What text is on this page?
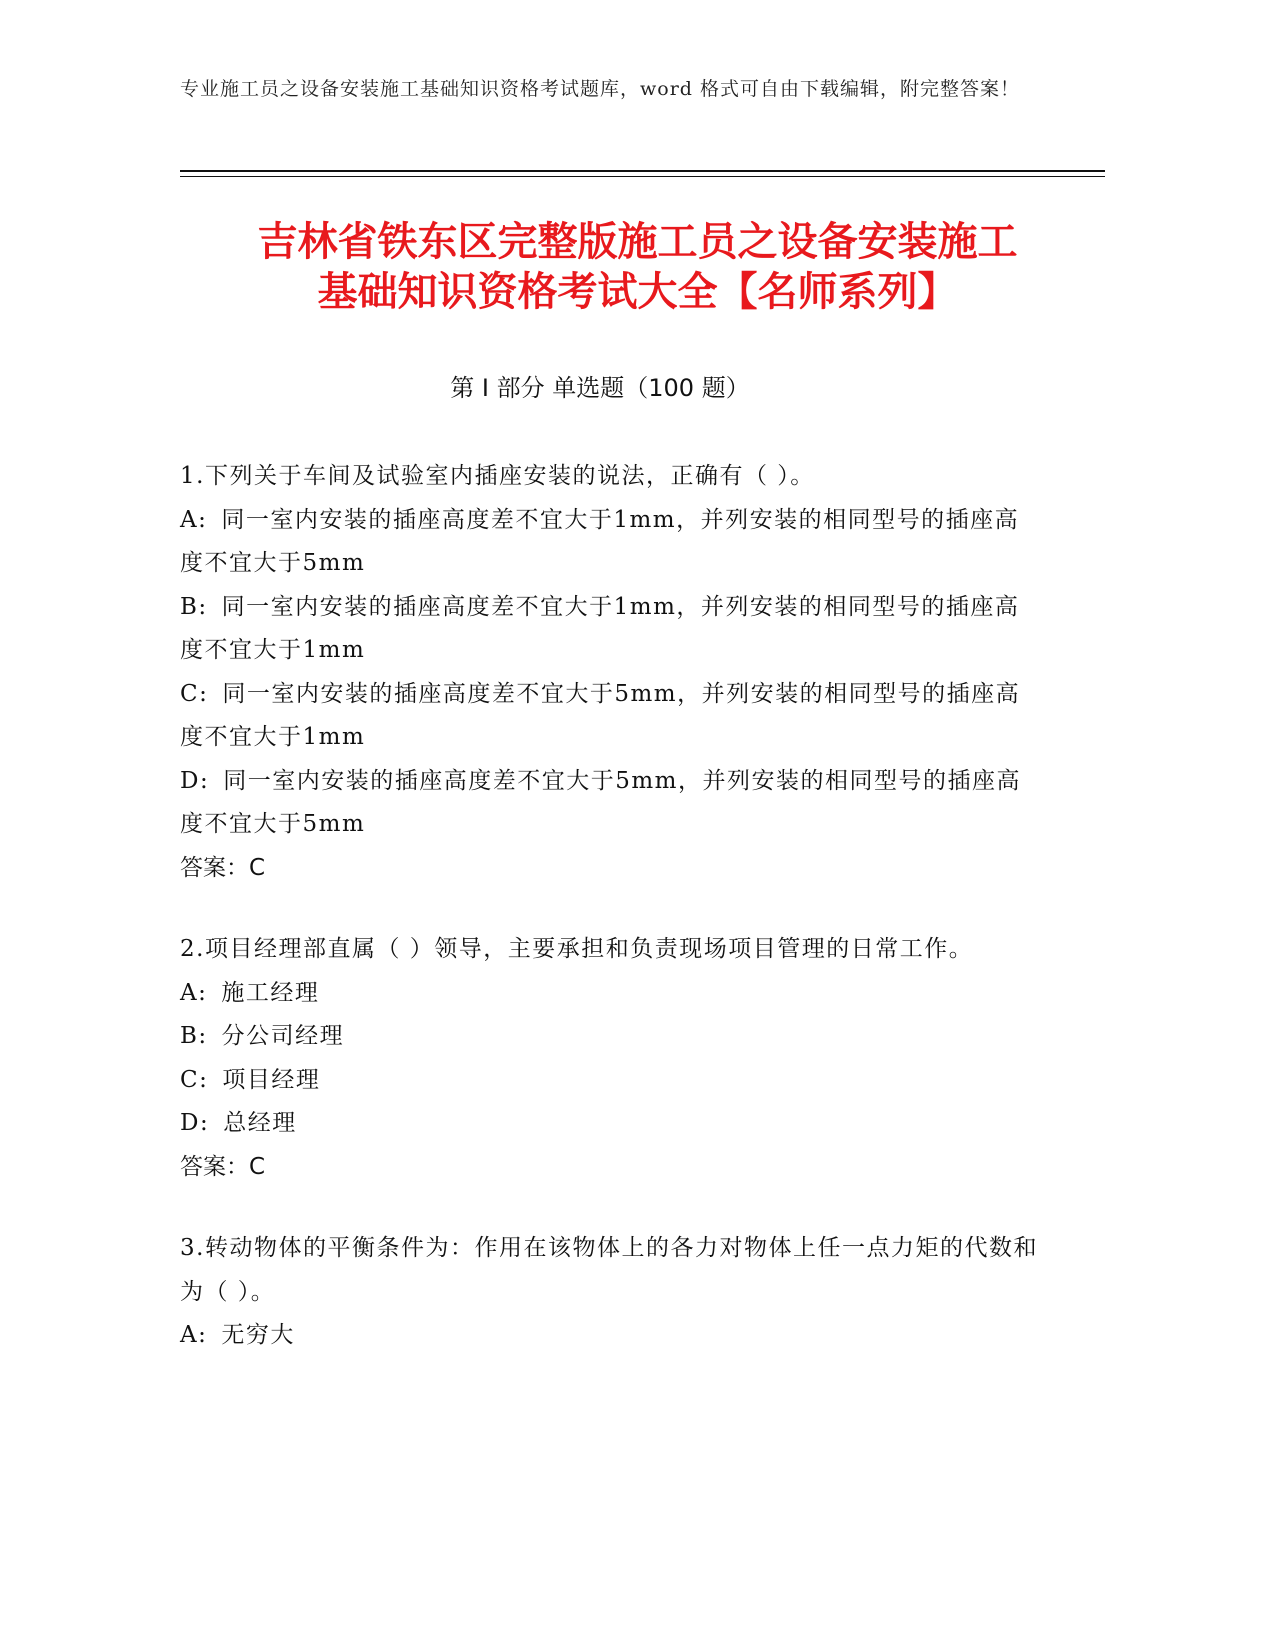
专业施工员之设备安装施工基础知识资格考试题库，word 格式可自由下载编辑，附完整答案！
吉林省铁东区完整版施工员之设备安装施工
基础知识资格考试大全【名师系列】
第 I 部分 单选题（100 题）

1.下列关于车间及试验室内插座安装的说法，正确有（ ）。

A: 同一室内安装的插座高度差不宜大于1mm，并列安装的相同型号的插座高度不宜大于5mm

B: 同一室内安装的插座高度差不宜大于1mm，并列安装的相同型号的插座高度不宜大于1mm

C: 同一室内安装的插座高度差不宜大于5mm，并列安装的相同型号的插座高度不宜大于1mm

D: 同一室内安装的插座高度差不宜大于5mm，并列安装的相同型号的插座高度不宜大于5mm

答案：C

2.项目经理部直属（ ）领导，主要承担和负责现场项目管理的日常工作。

A: 施工经理

B: 分公司经理

C: 项目经理

D: 总经理

答案：C

3.转动物体的平衡条件为：作用在该物体上的各力对物体上任一点力矩的代数和为（ ）。

A: 无穷大
